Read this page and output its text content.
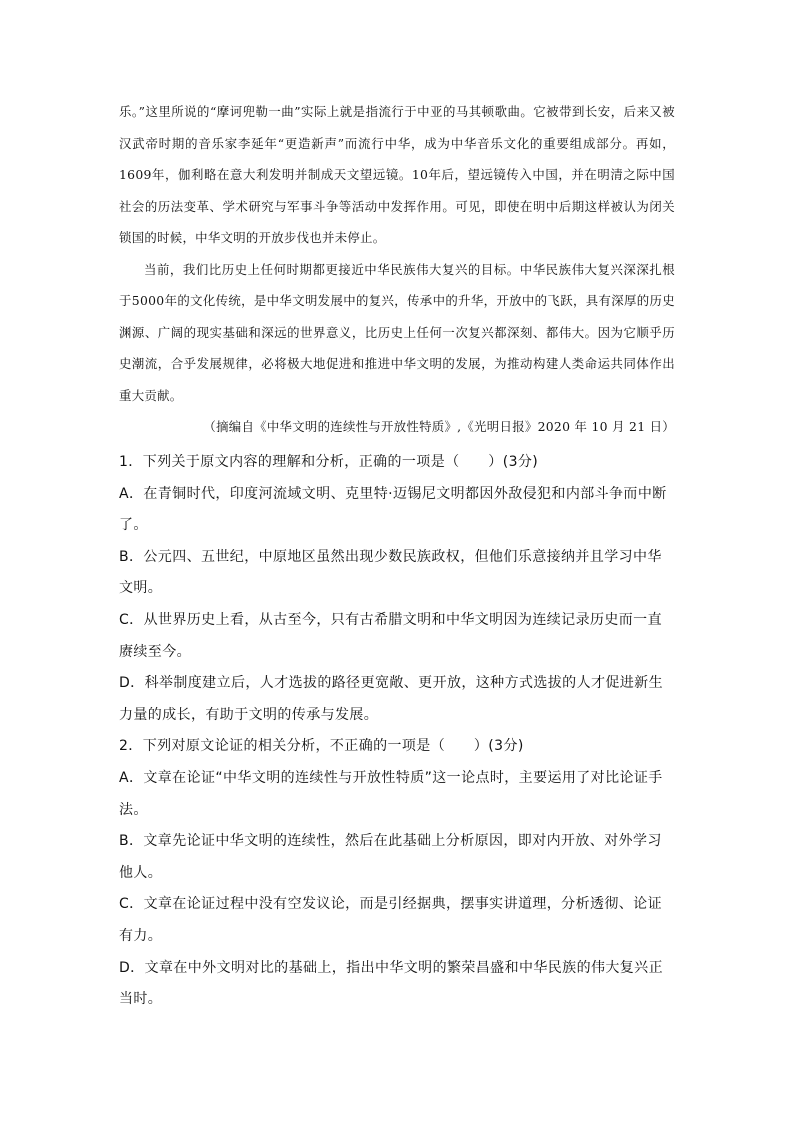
乐。”这里所说的“摩诃兜勒一曲”实际上就是指流行于中亚的马其顿歌曲。它被带到长安，后来又被汉武帝时期的音乐家李延年“更造新声”而流行中华，成为中华音乐文化的重要组成部分。再如，1609年，伽利略在意大利发明并制成天文望远镜。10年后，望远镜传入中国，并在明清之际中国社会的历法变革、学术研究与军事斗争等活动中发挥作用。可见，即使在明中后期这样被认为闭关锁国的时候，中华文明的开放步伐也并未停止。

当前，我们比历史上任何时期都更接近中华民族伟大复兴的目标。中华民族伟大复兴深深扎根于5000年的文化传统，是中华文明发展中的复兴，传承中的升华，开放中的飞跃，具有深厚的历史渊源、广阔的现实基础和深远的世界意义，比历史上任何一次复兴都深刻、都伟大。因为它顺乎历史潮流，合乎发展规律，必将极大地促进和推进中华文明的发展，为推动构建人类命运共同体作出重大贡献。

（摘编自《中华文明的连续性与开放性特质》,《光明日报》2020 年 10 月 21 日）

1．下列关于原文内容的理解和分析，正确的一项是（　　）(3分)

A．在青铜时代，印度河流域文明、克里特·迈锡尼文明都因外敌侵犯和内部斗争而中断了。

B．公元四、五世纪，中原地区虽然出现少数民族政权，但他们乐意接纳并且学习中华文明。

C．从世界历史上看，从古至今，只有古希腊文明和中华文明因为连续记录历史而一直赓续至今。

D．科举制度建立后，人才选拔的路径更宽敞、更开放，这种方式选拔的人才促进新生力量的成长，有助于文明的传承与发展。

2．下列对原文论证的相关分析，不正确的一项是（　　）(3分)

A．文章在论证“中华文明的连续性与开放性特质”这一论点时，主要运用了对比论证手法。

B．文章先论证中华文明的连续性，然后在此基础上分析原因，即对内开放、对外学习他人。

C．文章在论证过程中没有空发议论，而是引经据典，摆事实讲道理，分析透彻、论证有力。

D．文章在中外文明对比的基础上，指出中华文明的繁荣昌盛和中华民族的伟大复兴正当时。
